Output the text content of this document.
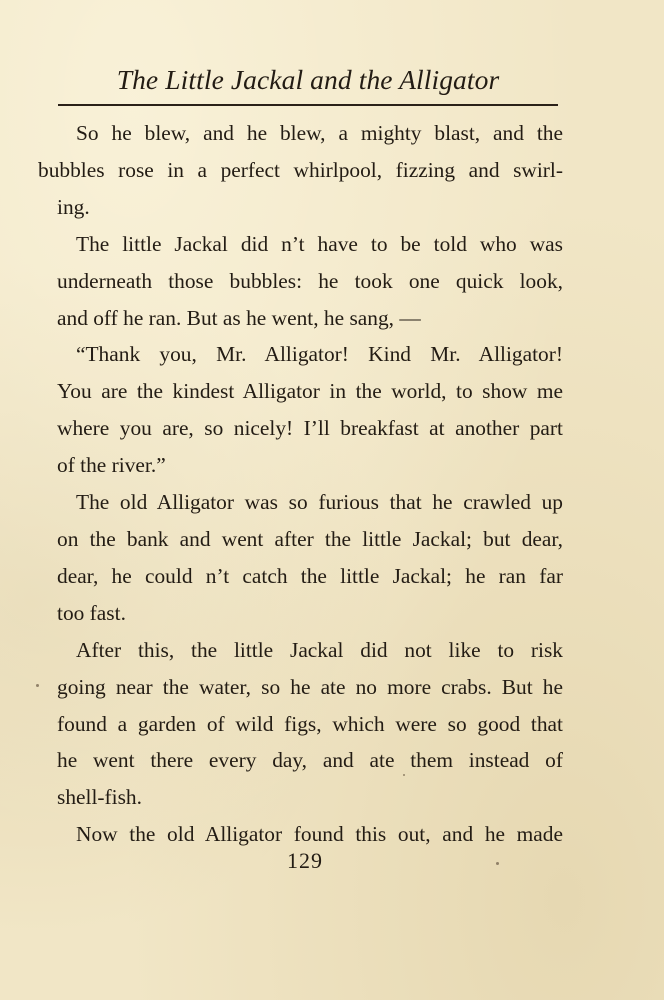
The Little Jackal and the Alligator

So he blew, and he blew, a mighty blast, and the
bubbles rose in a perfect whirlpool, fizzing and swirl-

ing.

The little Jackal did n’t have to be told who was
underneath those bubbles: he took one quick look,

and off he ran. But as he went, he sang, —

“Thank you, Mr. Alligator! Kind Mr. Alligator!
You are the kindest Alligator in the world, to show me
where you are, so nicely! I’ll breakfast at another part

of the river.”

The old Alligator was so furious that he crawled up
on the bank and went after the little Jackal; but dear,
dear, he could n’t catch the little Jackal; he ran far

too fast.

After this, the little Jackal did not like to risk
going near the water, so he ate no more crabs. But he
found a garden of wild figs, which were so good that
he went there every day, and ate them instead of

shell-fish.

Now the old Alligator found this out, and he made

129
